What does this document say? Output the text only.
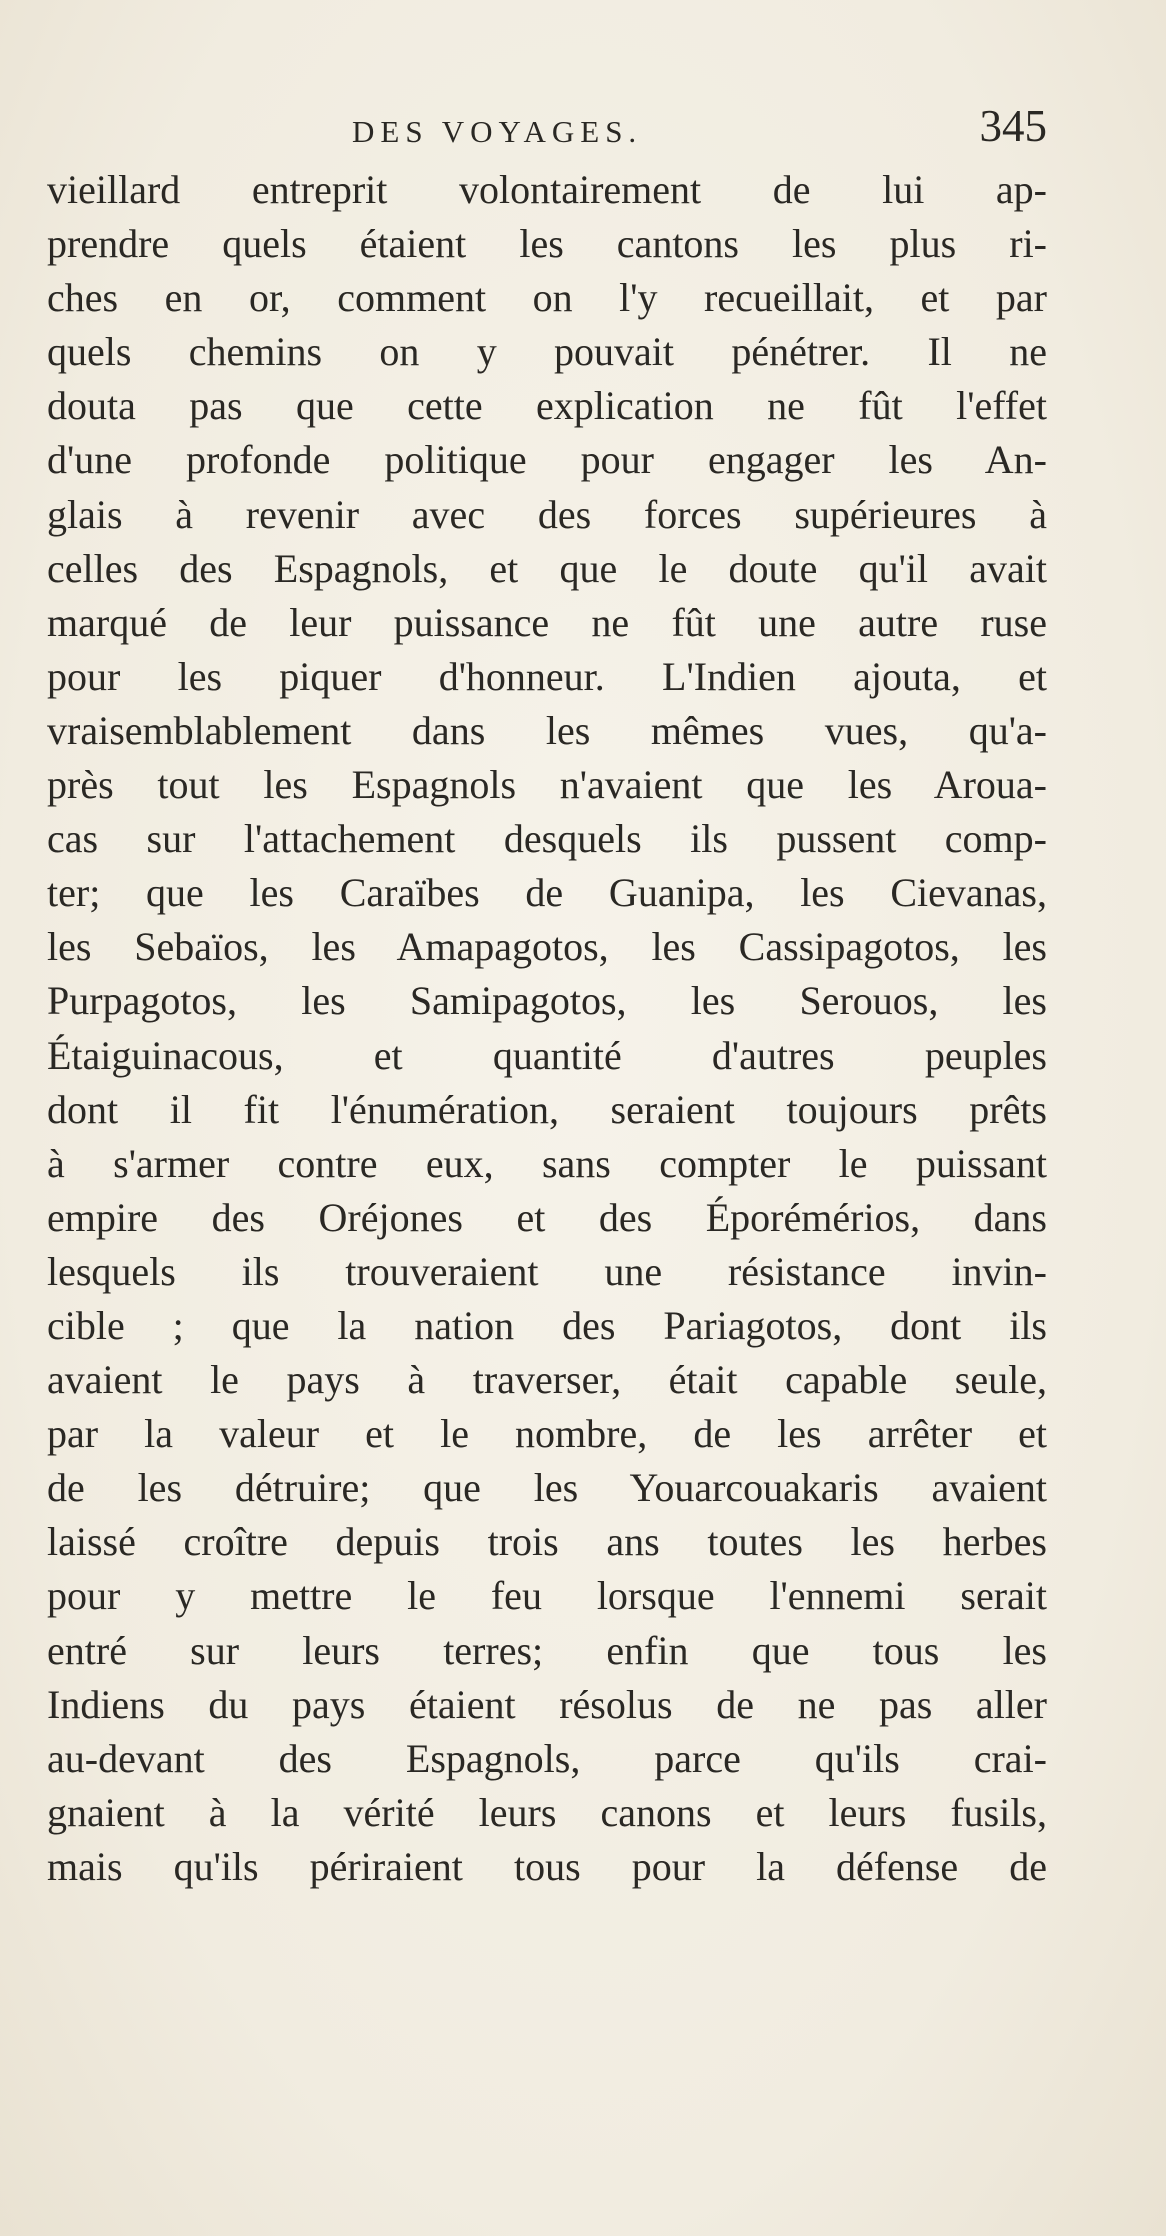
DES VOYAGES.	345
vieillard entreprit volontairement de lui ap-
prendre quels étaient les cantons les plus ri-
ches en or, comment on l'y recueillait, et par
quels chemins on y pouvait pénétrer. Il ne
douta pas que cette explication ne fût l'effet
d'une profonde politique pour engager les An-
glais à revenir avec des forces supérieures à
celles des Espagnols, et que le doute qu'il avait
marqué de leur puissance ne fût une autre ruse
pour les piquer d'honneur. L'Indien ajouta, et
vraisemblablement dans les mêmes vues, qu'a-
près tout les Espagnols n'avaient que les Aroua-
cas sur l'attachement desquels ils pussent comp-
ter; que les Caraïbes de Guanipa, les Cievanas,
les Sebaïos, les Amapagotos, les Cassipagotos, les
Purpagotos, les Samipagotos, les Serouos, les
Étaiguinacous, et quantité d'autres peuples
dont il fit l'énumération, seraient toujours prêts
à s'armer contre eux, sans compter le puissant
empire des Oréjones et des Éporémérios, dans
lesquels ils trouveraient une résistance invin-
cible ; que la nation des Pariagotos, dont ils
avaient le pays à traverser, était capable seule,
par la valeur et le nombre, de les arrêter et
de les détruire; que les Youarcouakaris avaient
laissé croître depuis trois ans toutes les herbes
pour y mettre le feu lorsque l'ennemi serait
entré sur leurs terres; enfin que tous les
Indiens du pays étaient résolus de ne pas aller
au-devant des Espagnols, parce qu'ils crai-
gnaient à la vérité leurs canons et leurs fusils,
mais qu'ils périraient tous pour la défense de
